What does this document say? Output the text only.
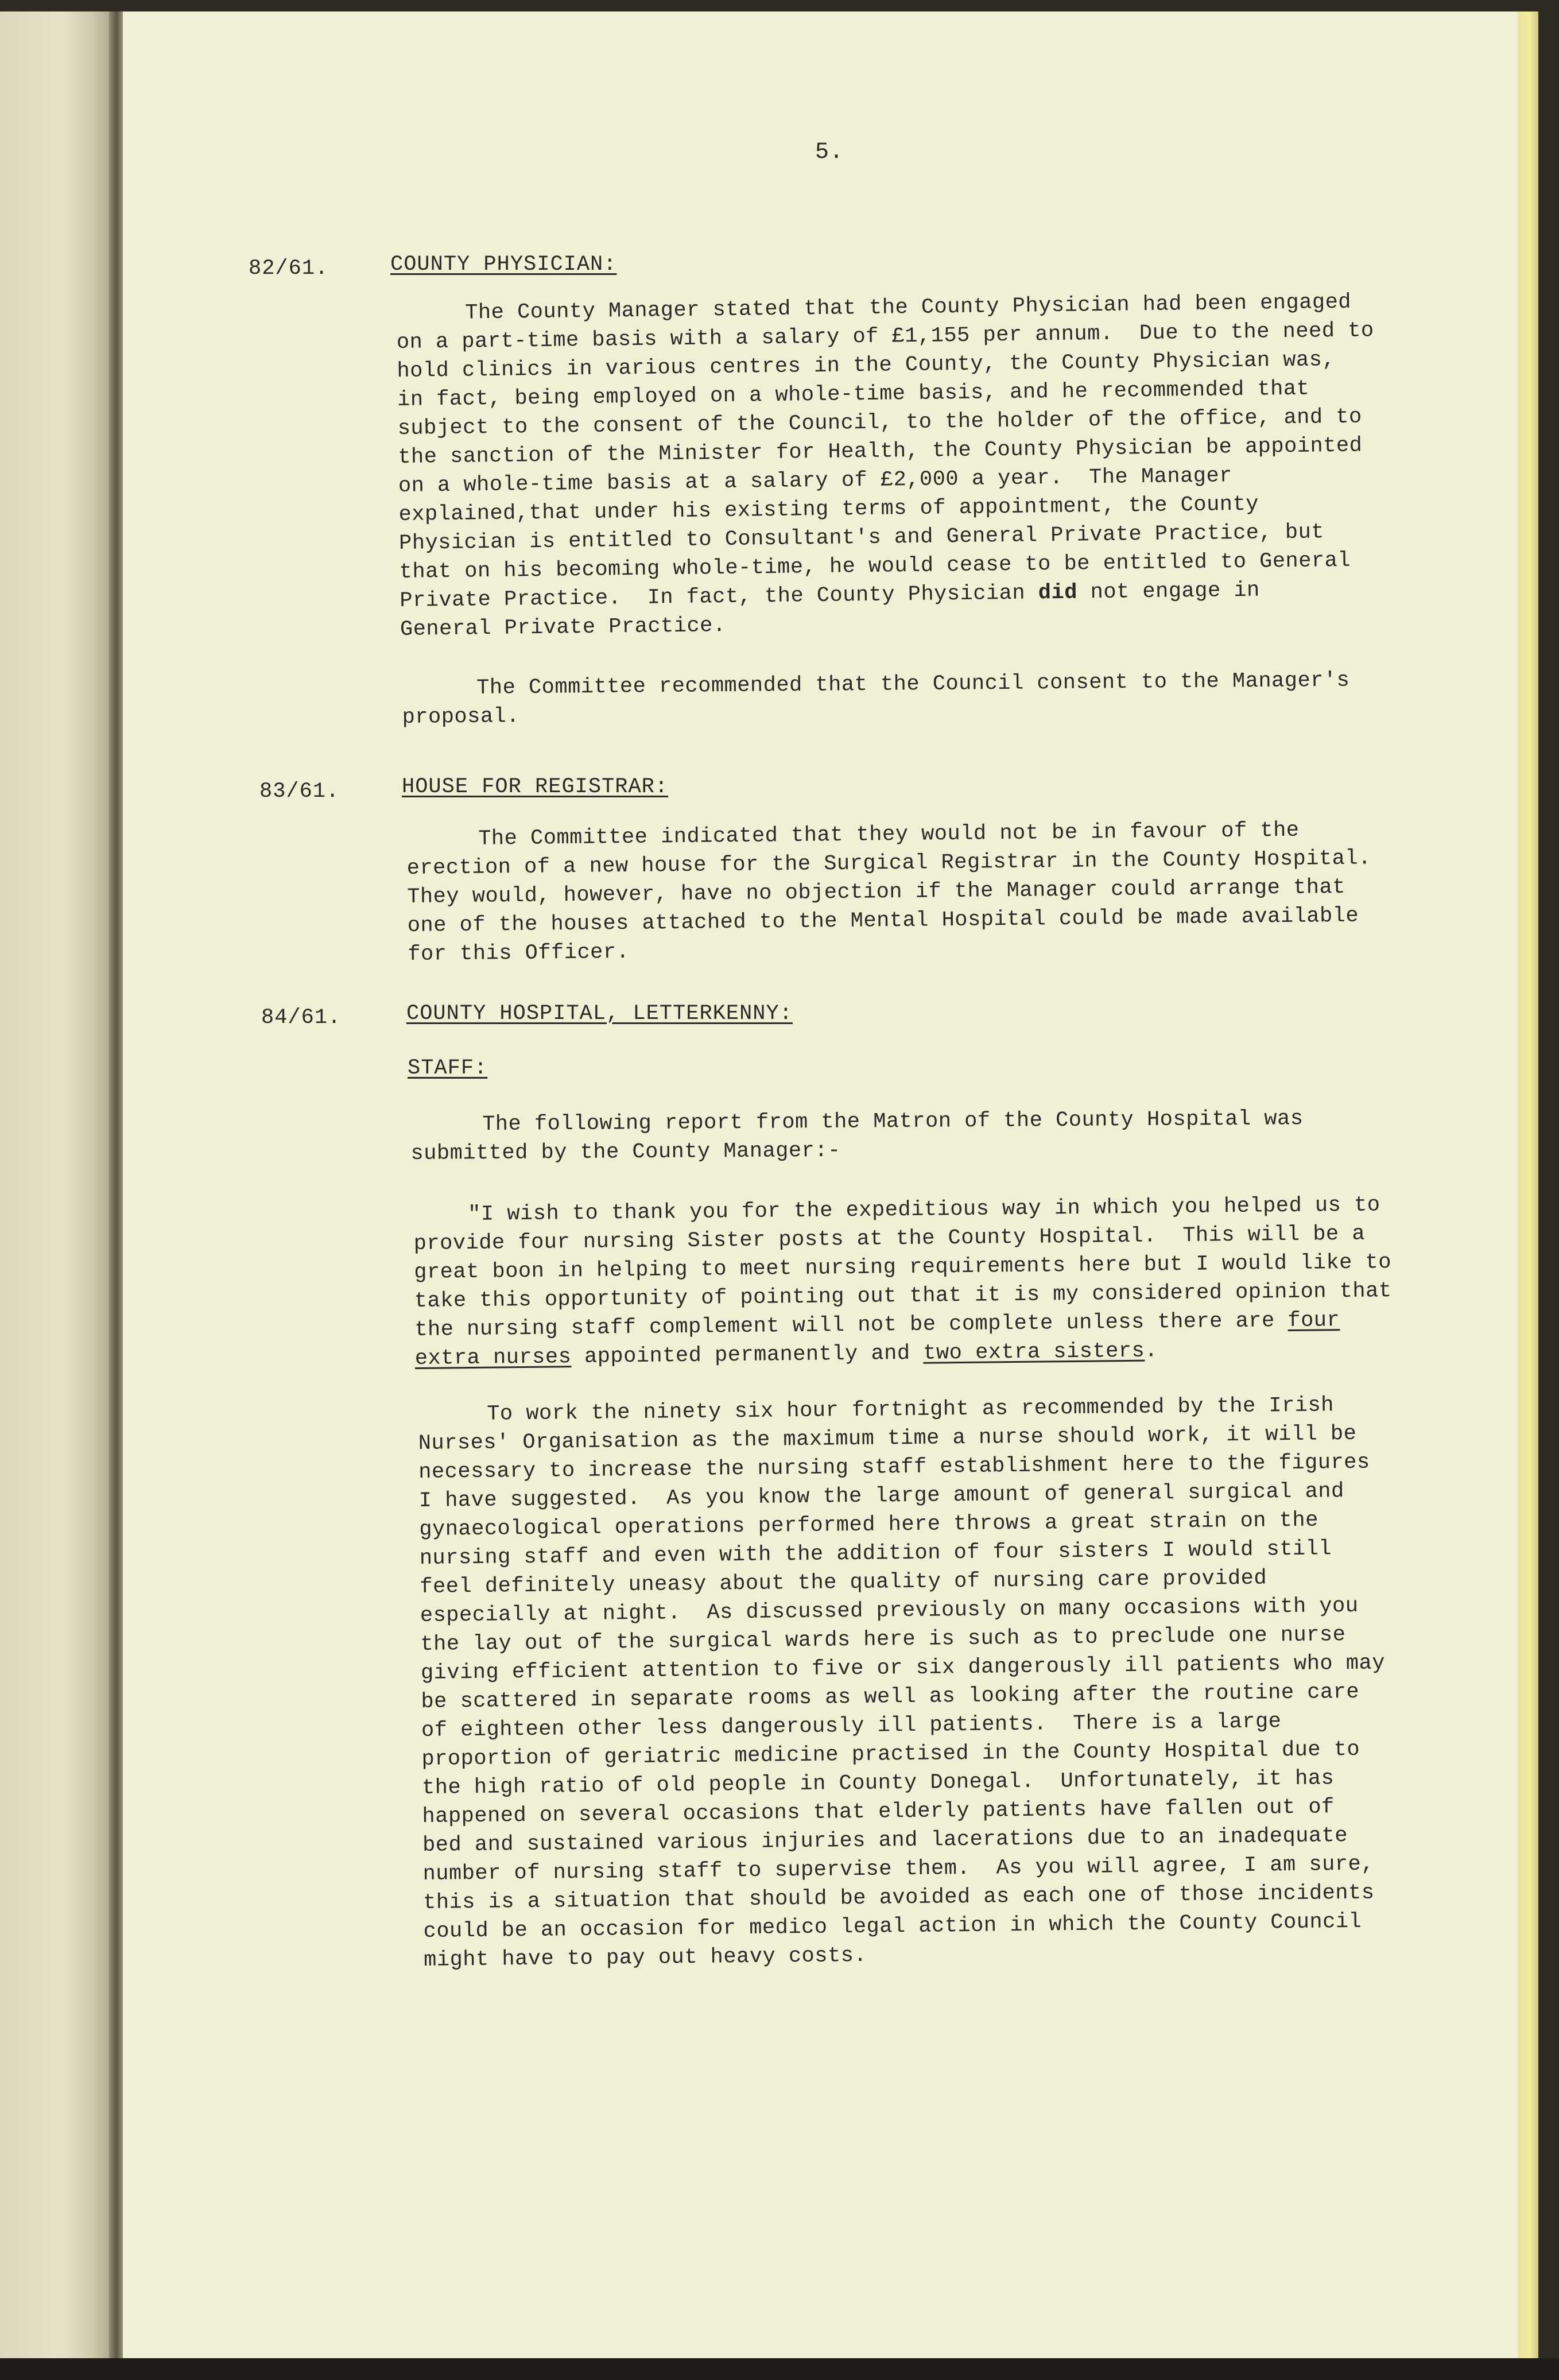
5.
82/61.	COUNTY PHYSICIAN:
The County Manager stated that the County Physician had been engaged
on a part-time basis with a salary of £1,155 per annum.  Due to the need to
hold clinics in various centres in the County, the County Physician was,
in fact, being employed on a whole-time basis, and he recommended that
subject to the consent of the Council, to the holder of the office, and to
the sanction of the Minister for Health, the County Physician be appointed
on a whole-time basis at a salary of £2,000 a year.  The Manager
explained,that under his existing terms of appointment, the County
Physician is entitled to Consultant's and General Private Practice, but
that on his becoming whole-time, he would cease to be entitled to General
Private Practice.  In fact, the County Physician did not engage in
General Private Practice.
The Committee recommended that the Council consent to the Manager's
proposal.
83/61.	HOUSE FOR REGISTRAR:
The Committee indicated that they would not be in favour of the
erection of a new house for the Surgical Registrar in the County Hospital.
They would, however, have no objection if the Manager could arrange that
one of the houses attached to the Mental Hospital could be made available
for this Officer.
84/61.	COUNTY HOSPITAL, LETTERKENNY:
STAFF:
The following report from the Matron of the County Hospital was
submitted by the County Manager:-
"I wish to thank you for the expeditious way in which you helped us to
provide four nursing Sister posts at the County Hospital.  This will be a
great boon in helping to meet nursing requirements here but I would like to
take this opportunity of pointing out that it is my considered opinion that
the nursing staff complement will not be complete unless there are four
extra nurses appointed permanently and two extra sisters.
To work the ninety six hour fortnight as recommended by the Irish
Nurses' Organisation as the maximum time a nurse should work, it will be
necessary to increase the nursing staff establishment here to the figures
I have suggested.  As you know the large amount of general surgical and
gynaecological operations performed here throws a great strain on the
nursing staff and even with the addition of four sisters I would still
feel definitely uneasy about the quality of nursing care provided
especially at night.  As discussed previously on many occasions with you
the lay out of the surgical wards here is such as to preclude one nurse
giving efficient attention to five or six dangerously ill patients who may
be scattered in separate rooms as well as looking after the routine care
of eighteen other less dangerously ill patients.  There is a large
proportion of geriatric medicine practised in the County Hospital due to
the high ratio of old people in County Donegal.  Unfortunately, it has
happened on several occasions that elderly patients have fallen out of
bed and sustained various injuries and lacerations due to an inadequate
number of nursing staff to supervise them.  As you will agree, I am sure,
this is a situation that should be avoided as each one of those incidents
could be an occasion for medico legal action in which the County Council
might have to pay out heavy costs.
